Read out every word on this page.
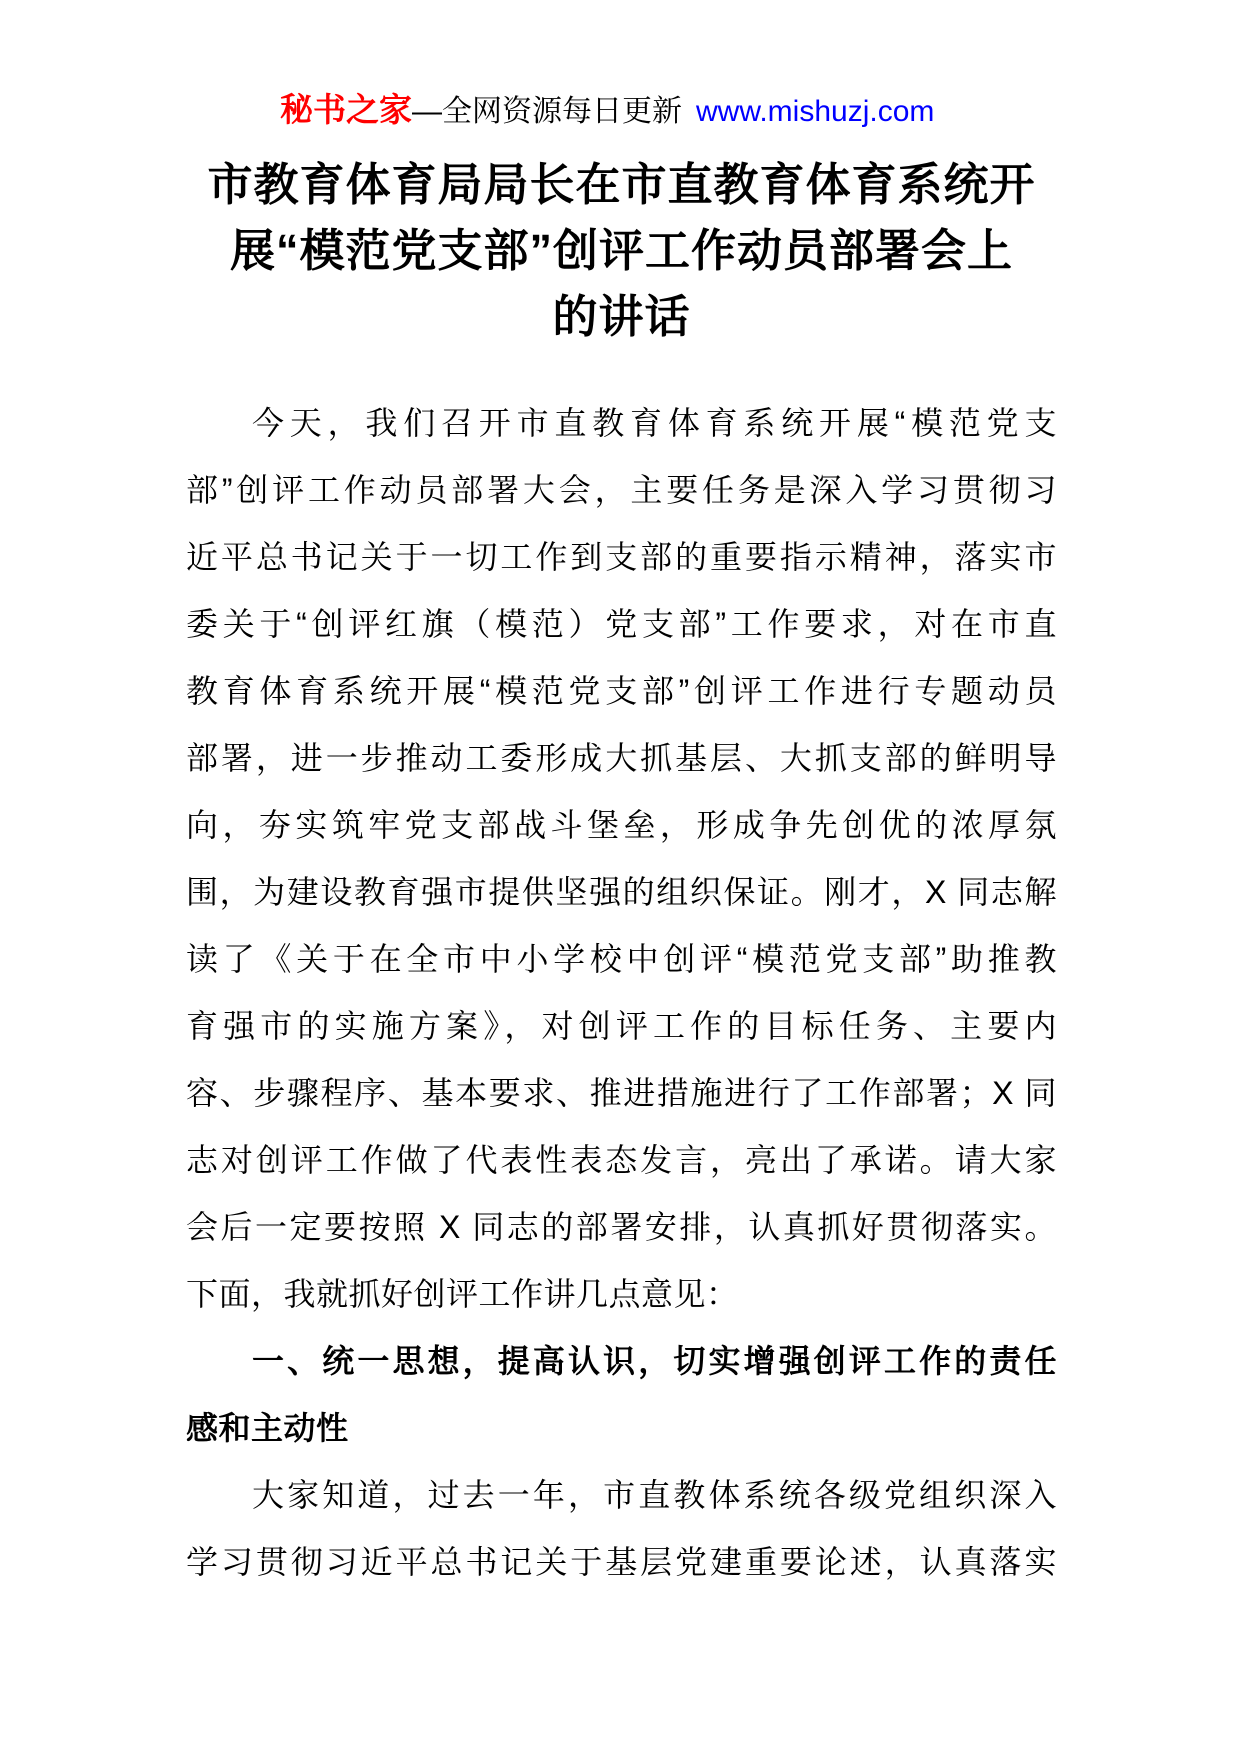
秘书之家—全网资源每日更新 www.mishuzj.com
市教育体育局局长在市直教育体育系统开
展“模范党支部”创评工作动员部署会上
的讲话

今天，我们召开市直教育体育系统开展“模范党支

部”创评工作动员部署大会，主要任务是深入学习贯彻习

近平总书记关于一切工作到支部的重要指示精神，落实市

委关于“创评红旗（模范）党支部”工作要求，对在市直

教育体育系统开展“模范党支部”创评工作进行专题动员

部署，进一步推动工委形成大抓基层、大抓支部的鲜明导

向，夯实筑牢党支部战斗堡垒，形成争先创优的浓厚氛

围，为建设教育强市提供坚强的组织保证。刚才，X 同志解

读了《关于在全市中小学校中创评“模范党支部”助推教

育强市的实施方案》，对创评工作的目标任务、主要内

容、步骤程序、基本要求、推进措施进行了工作部署；X 同

志对创评工作做了代表性表态发言，亮出了承诺。请大家

会后一定要按照 X 同志的部署安排，认真抓好贯彻落实。

下面，我就抓好创评工作讲几点意见：

一、统一思想，提高认识，切实增强创评工作的责任

感和主动性

大家知道，过去一年，市直教体系统各级党组织深入

学习贯彻习近平总书记关于基层党建重要论述，认真落实
